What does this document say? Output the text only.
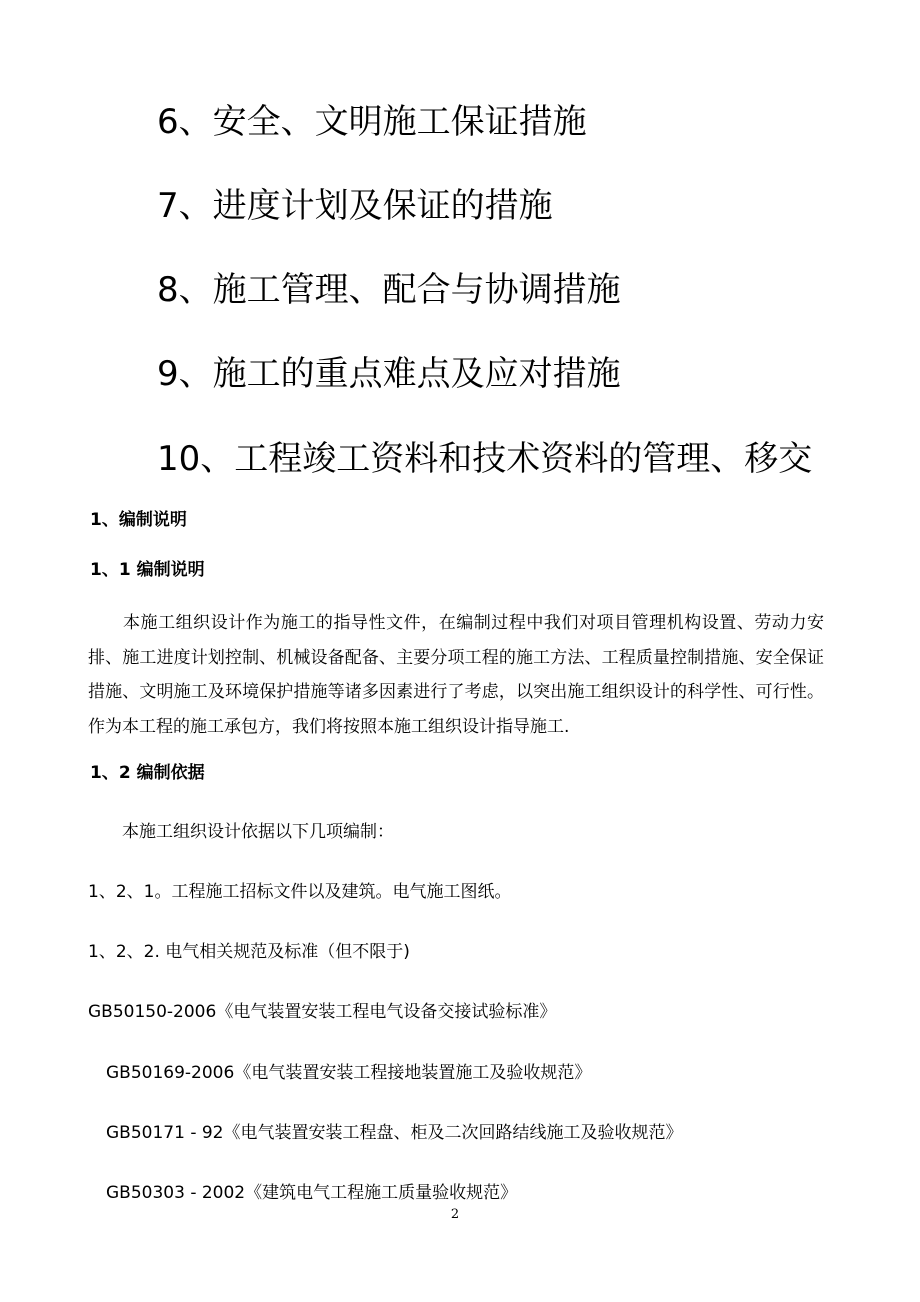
6、安全、文明施工保证措施
7、进度计划及保证的措施
8、施工管理、配合与协调措施
9、施工的重点难点及应对措施
10、工程竣工资料和技术资料的管理、移交
1、编制说明
1、1 编制说明
本施工组织设计作为施工的指导性文件，在编制过程中我们对项目管理机构设置、劳动力安排、施工进度计划控制、机械设备配备、主要分项工程的施工方法、工程质量控制措施、安全保证措施、文明施工及环境保护措施等诸多因素进行了考虑，以突出施工组织设计的科学性、可行性。作为本工程的施工承包方，我们将按照本施工组织设计指导施工.
1、2 编制依据
本施工组织设计依据以下几项编制：
1、2、1。工程施工招标文件以及建筑。电气施工图纸。
1、2、2. 电气相关规范及标准（但不限于)
GB50150-2006《电气装置安装工程电气设备交接试验标准》
GB50169-2006《电气装置安装工程接地装置施工及验收规范》
GB50171 - 92《电气装置安装工程盘、柜及二次回路结线施工及验收规范》
GB50303 - 2002《建筑电气工程施工质量验收规范》
2
